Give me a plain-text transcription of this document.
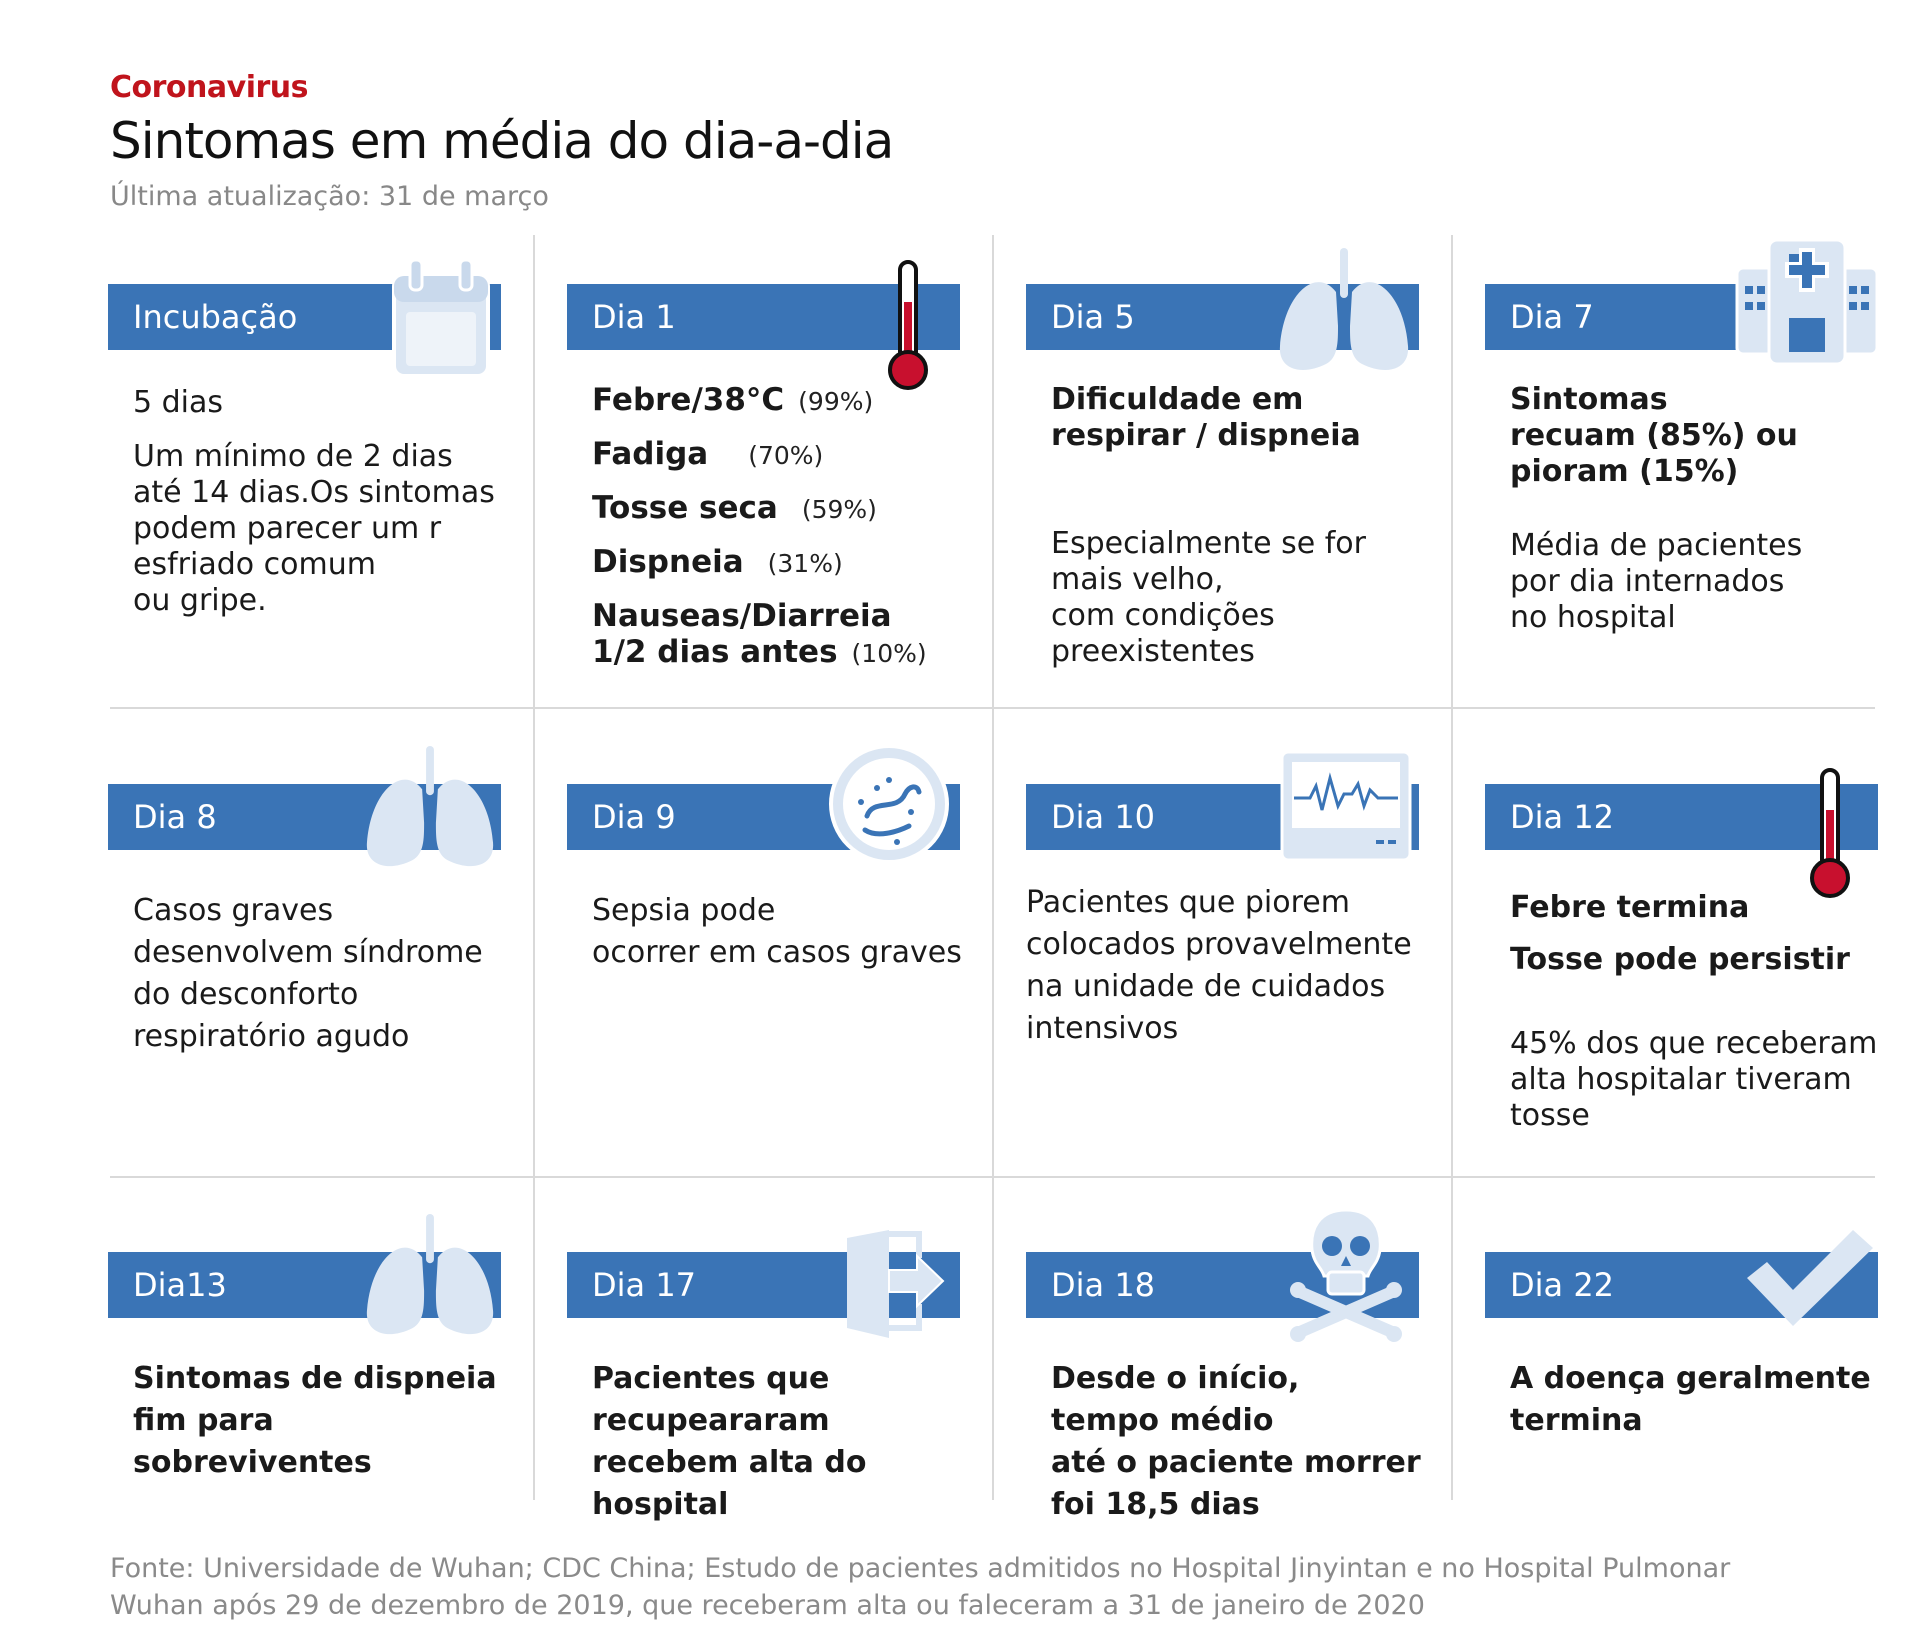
Coronavirus
Sintomas em média do dia-a-dia
Última atualização: 31 de março
Incubação

5 dias

Um mínimo de 2 dias

até 14 dias.Os sintomas

podem parecer um r

esfriado comum

ou gripe.

Dia 1
Febre/38°C (99%)
Fadiga (70%)
Tosse seca (59%)
Dispneia (31%)
Nauseas/Diarreia
1/2 dias antes (10%)
Dia 5

Dificuldade em

respirar / dispneia

Especialmente se for

mais velho,

com condições

preexistentes

Dia 7

Sintomas

recuam (85%) ou

pioram (15%)

Média de pacientes

por dia internados

no hospital

Dia 8

Casos graves

desenvolvem síndrome

do desconforto

respiratório agudo

Dia 9

Sepsia pode

ocorrer em casos graves

Dia 10

Pacientes que piorem

colocados provavelmente

na unidade de cuidados

intensivos

Dia 12

Febre termina

Tosse pode persistir

45% dos que receberam

alta hospitalar tiveram

tosse

Dia13

Sintomas de dispneia

fim para sobreviventes

Dia 17

Pacientes que

recupeararam

recebem alta do hospital

Dia 18

Desde o início,

tempo médio

até o paciente morrer

foi 18,5 dias

Dia 22

A doença geralmente

termina

Fonte: Universidade de Wuhan; CDC China; Estudo de pacientes admitidos no Hospital Jinyintan e no Hospital Pulmonar
Wuhan após 29 de dezembro de 2019, que receberam alta ou faleceram a 31 de janeiro de 2020
